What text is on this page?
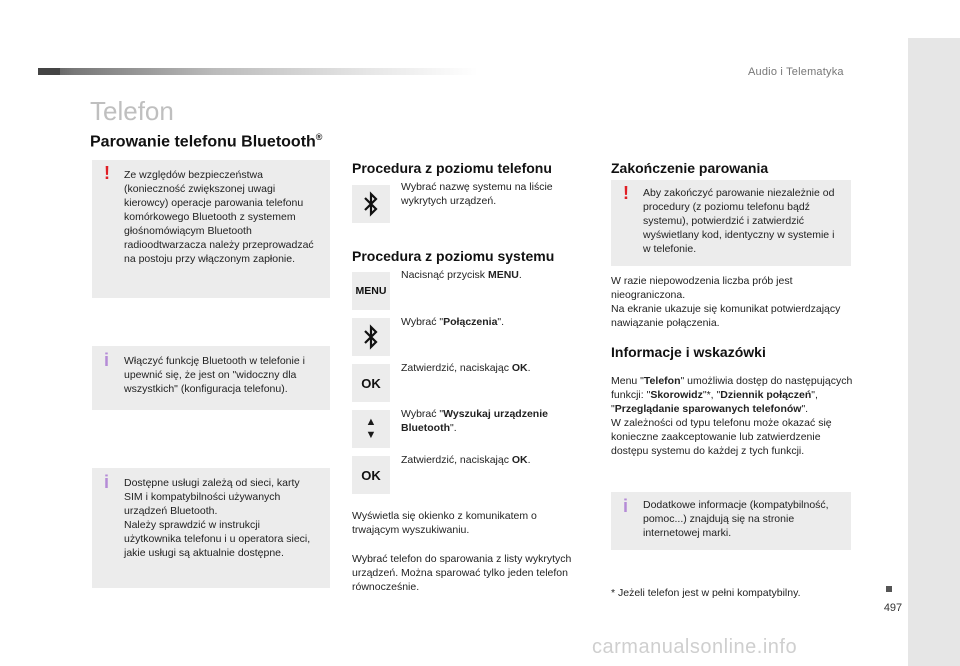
Audio i Telematyka
497
carmanualsonline.info
Telefon
Parowanie telefonu Bluetooth®
! Ze względów bezpieczeństwa (konieczność zwiększonej uwagi kierowcy) operacje parowania telefonu komórkowego Bluetooth z systemem głośnomówiącym Bluetooth radioodtwarzacza należy przeprowadzać na postoju przy włączonym zapłonie.
i Włączyć funkcję Bluetooth w telefonie i upewnić się, że jest on "widoczny dla wszystkich" (konfiguracja telefonu).

i Dostępne usługi zależą od sieci, karty SIM i kompatybilności używanych urządzeń Bluetooth.
Należy sprawdzić w instrukcji użytkownika telefonu i u operatora sieci, jakie usługi są aktualnie dostępne.

Procedura z poziomu telefonu
Wybrać nazwę systemu na liście wykrytych urządzeń.
Procedura z poziomu systemu
MENU
Nacisnąć przycisk MENU.
Wybrać "Połączenia".
OK
Zatwierdzić, naciskając OK.
▲
▼
Wybrać "Wyszukaj urządzenie Bluetooth".
OK
Zatwierdzić, naciskając OK.
Wyświetla się okienko z komunikatem o trwającym wyszukiwaniu.
Wybrać telefon do sparowania z listy wykrytych urządzeń. Można sparować tylko jeden telefon równocześnie.
Zakończenie parowania
! Aby zakończyć parowanie niezależnie od procedury (z poziomu telefonu bądź systemu), potwierdzić i zatwierdzić wyświetlany kod, identyczny w systemie i w telefonie.
W razie niepowodzenia liczba prób jest nieograniczona.
Na ekranie ukazuje się komunikat potwierdzający nawiązanie połączenia.
Informacje i wskazówki
Menu "Telefon" umożliwia dostęp do następujących funkcji: "Skorowidz"*, "Dziennik połączeń", "Przeglądanie sparowanych telefonów".
W zależności od typu telefonu może okazać się konieczne zaakceptowanie lub zatwierdzenie dostępu systemu do każdej z tych funkcji.
i Dodatkowe informacje (kompatybilność, pomoc...) znajdują się na stronie internetowej marki.
* Jeżeli telefon jest w pełni kompatybilny.
